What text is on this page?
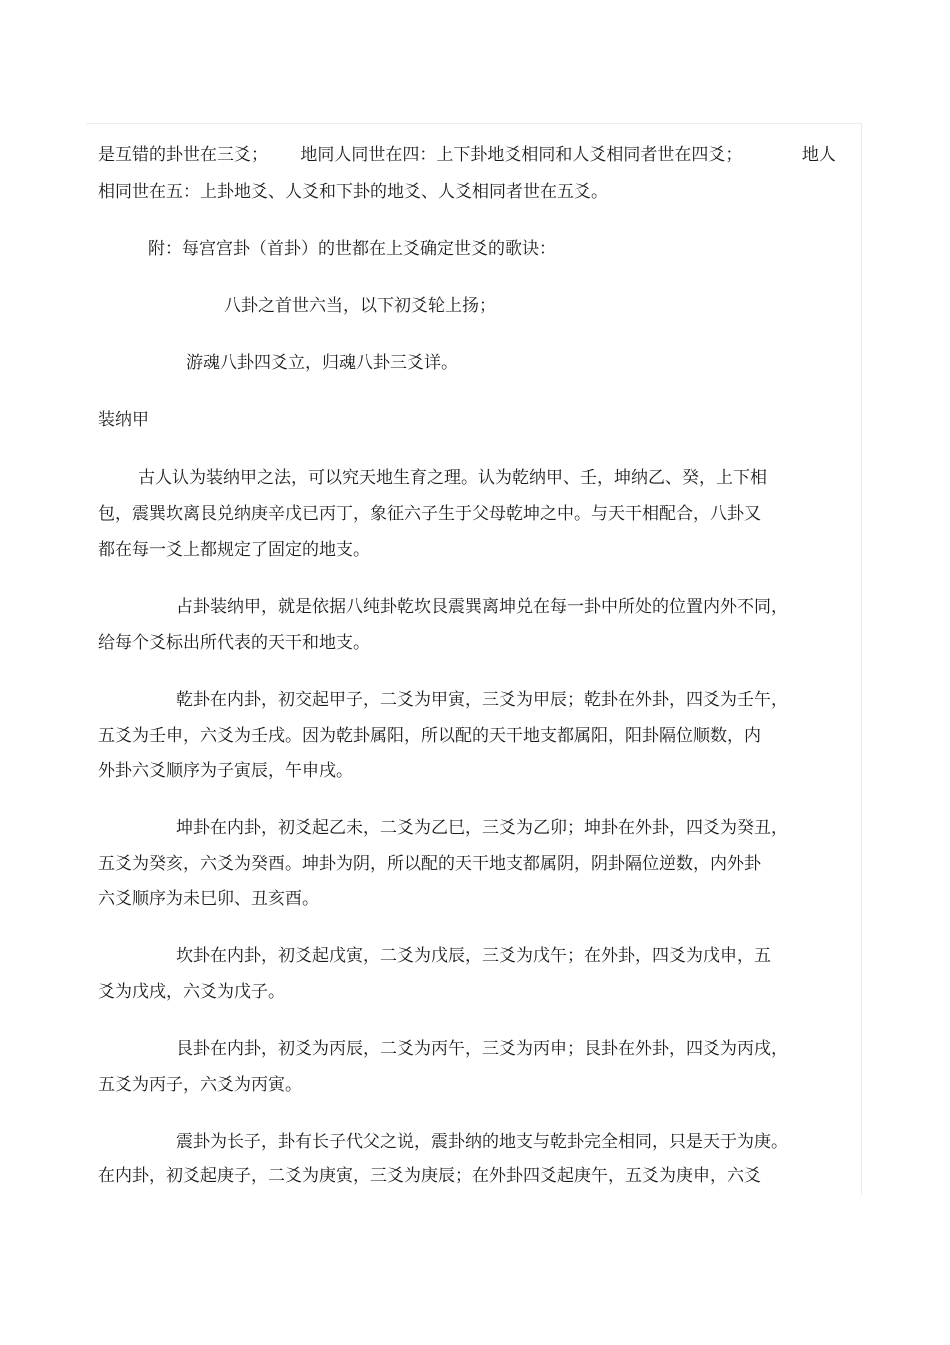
是互错的卦世在三爻；      地同人同世在四：上下卦地爻相同和人爻相同者世在四爻；           地人

相同世在五：上卦地爻、人爻和下卦的地爻、人爻相同者世在五爻。

附：每宫宫卦（首卦）的世都在上爻确定世爻的歌诀：

八卦之首世六当，以下初爻轮上扬；

游魂八卦四爻立，归魂八卦三爻详。

装纳甲

古人认为装纳甲之法，可以究天地生育之理。认为乾纳甲、壬，坤纳乙、癸，上下相

包，震巽坎离艮兑纳庚辛戊已丙丁，象征六子生于父母乾坤之中。与天干相配合，八卦又

都在每一爻上都规定了固定的地支。

占卦装纳甲，就是依据八纯卦乾坎艮震巽离坤兑在每一卦中所处的位置内外不同，

给每个爻标出所代表的天干和地支。

乾卦在内卦，初交起甲子，二爻为甲寅，三爻为甲辰；乾卦在外卦，四爻为壬午，

五爻为壬申，六爻为壬戌。因为乾卦属阳，所以配的天干地支都属阳，阳卦隔位顺数，内

外卦六爻顺序为子寅辰，午申戌。

坤卦在内卦，初爻起乙未，二爻为乙巳，三爻为乙卯；坤卦在外卦，四爻为癸丑，

五爻为癸亥，六爻为癸酉。坤卦为阴，所以配的天干地支都属阴，阴卦隔位逆数，内外卦

六爻顺序为未巳卯、丑亥酉。

坎卦在内卦，初爻起戊寅，二爻为戊辰，三爻为戊午；在外卦，四爻为戊申，五

爻为戊戌，六爻为戊子。

艮卦在内卦，初爻为丙辰，二爻为丙午，三爻为丙申；艮卦在外卦，四爻为丙戌，

五爻为丙子，六爻为丙寅。

震卦为长子，卦有长子代父之说，震卦纳的地支与乾卦完全相同，只是天于为庚。

在内卦，初爻起庚子，二爻为庚寅，三爻为庚辰；在外卦四爻起庚午，五爻为庚申，六爻
